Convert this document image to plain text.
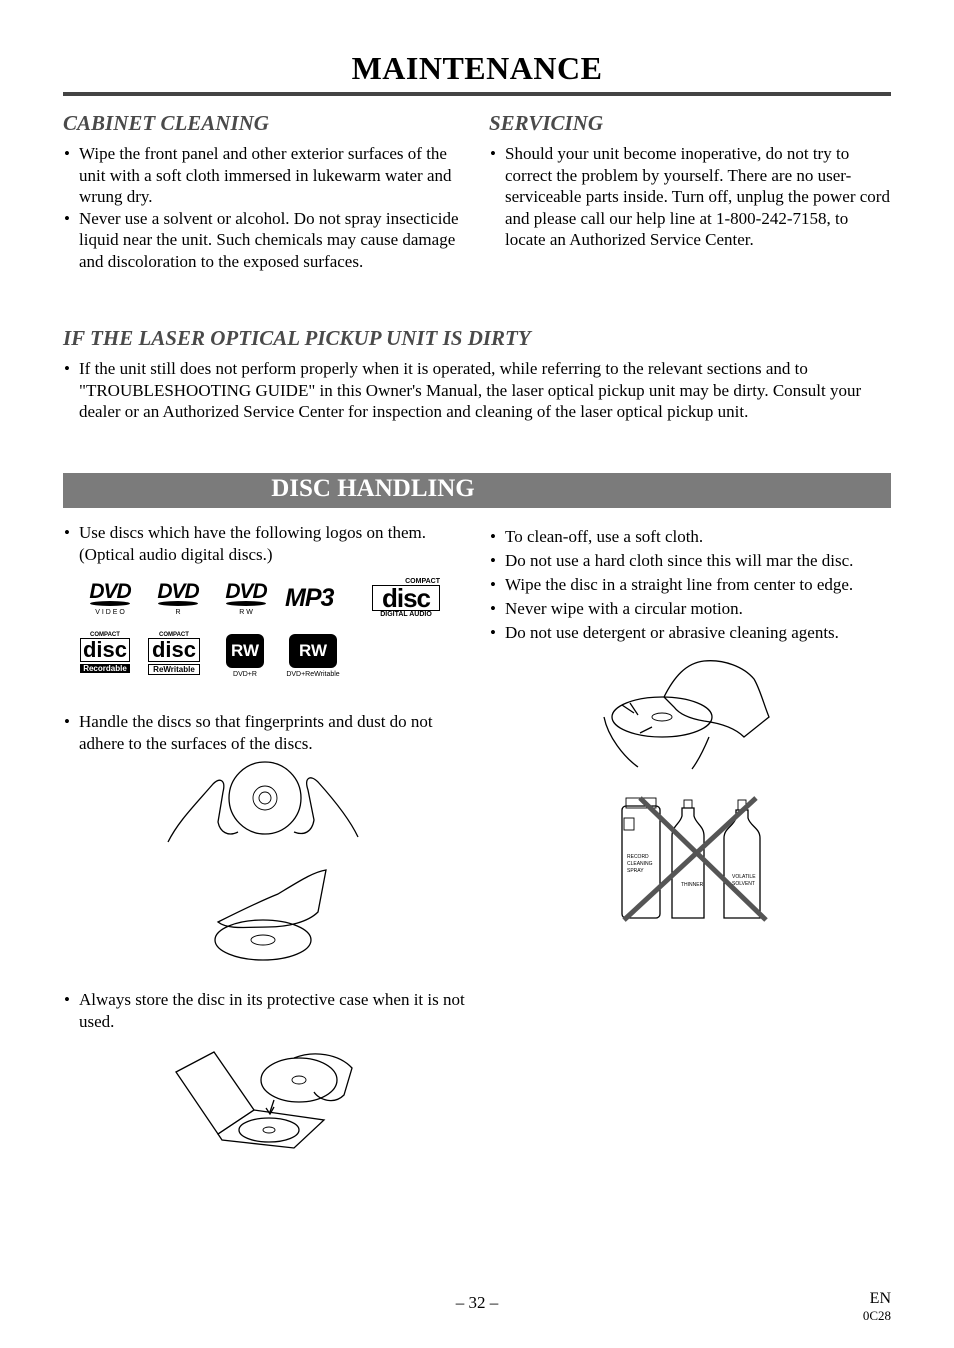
MAINTENANCE
CABINET CLEANING
• Wipe the front panel and other exterior surfaces of the unit with a soft cloth immersed in lukewarm water and wrung dry.
• Never use a solvent or alcohol. Do not spray insecticide liquid near the unit. Such chemicals may cause damage and discoloration to the exposed surfaces.
SERVICING
• Should your unit become inoperative, do not try to correct the problem by yourself. There are no user-serviceable parts inside. Turn off, unplug the power cord and please call our help line at 1-800-242-7158, to locate an Authorized Service Center.
IF THE LASER OPTICAL PICKUP UNIT IS DIRTY
• If the unit still does not perform properly when it is operated, while referring to the relevant sections and to "TROUBLESHOOTING GUIDE" in this Owner's Manual, the laser optical pickup unit may be dirty. Consult your dealer or an Authorized Service Center for inspection and cleaning of the laser optical pickup unit.
DISC HANDLING
• Use discs which have the following logos on them. (Optical audio digital discs.)
DVD
V I D E O
DVD
R
DVD
R W
MP3
COMPACT
disc
DIGITAL AUDIO
COMPACT
disc
Recordable
COMPACT
disc
ReWritable
RW
DVD+R
RW
DVD+ReWritable
• Handle the discs so that fingerprints and dust do not adhere to the surfaces of the discs.
• Always store the disc in its protective case when it is not used.
• To clean-off, use a soft cloth.
• Do not use a hard cloth since this will mar the disc.
• Wipe the disc in a straight line from center to edge.
• Never wipe with a circular motion.
• Do not use detergent or abrasive cleaning agents.
RECORD
CLEANING
SPRAY
THINNER
VOLATILE
SOLVENT
– 32 –	EN
0C28
